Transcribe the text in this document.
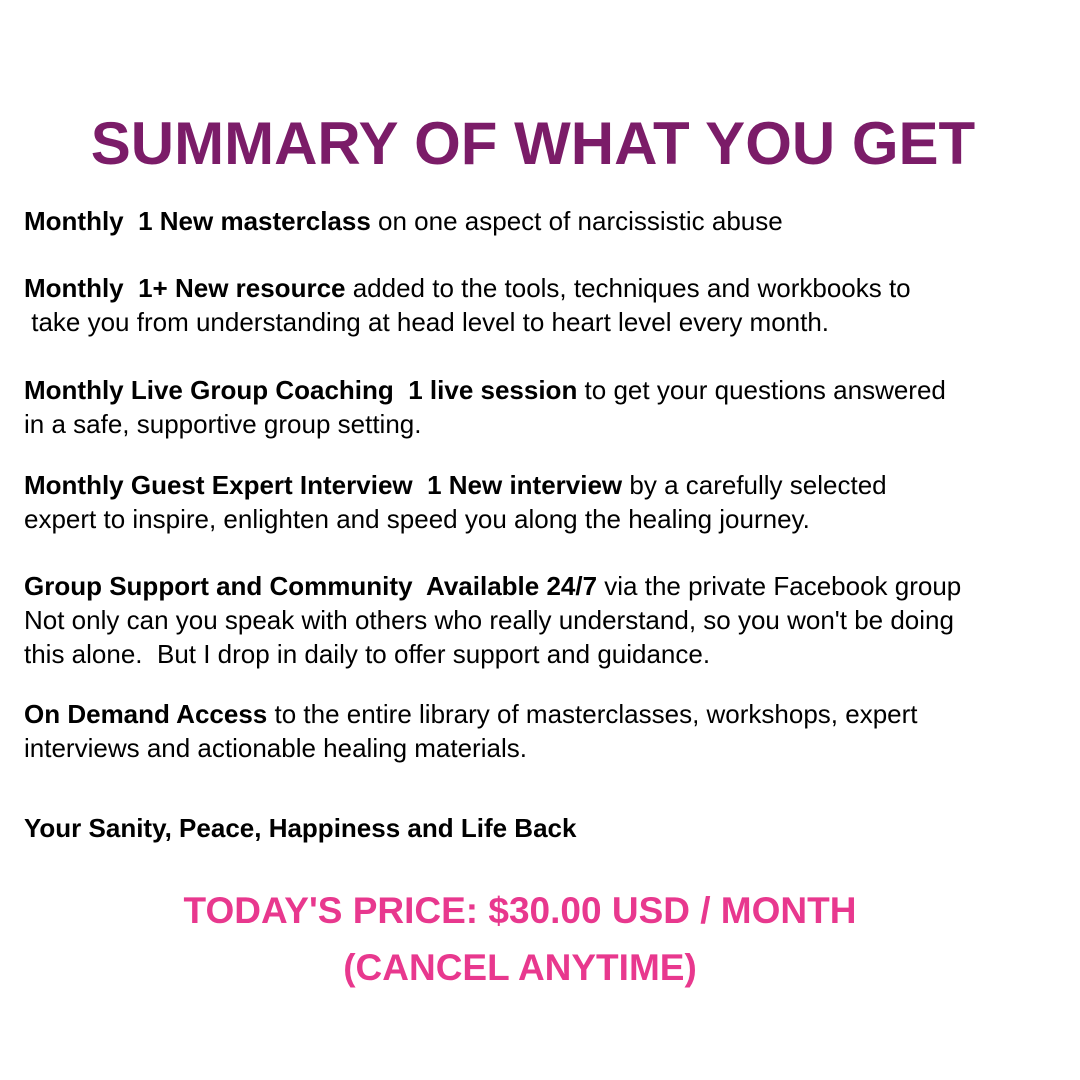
SUMMARY OF WHAT YOU GET
Monthly  1 New masterclass on one aspect of narcissistic abuse
Monthly  1+ New resource added to the tools, techniques and workbooks to
take you from understanding at head level to heart level every month.
Monthly Live Group Coaching  1 live session to get your questions answered
in a safe, supportive group setting.
Monthly Guest Expert Interview  1 New interview by a carefully selected
expert to inspire, enlighten and speed you along the healing journey.
Group Support and Community  Available 24/7 via the private Facebook group
Not only can you speak with others who really understand, so you won't be doing
this alone.  But I drop in daily to offer support and guidance.
On Demand Access to the entire library of masterclasses, workshops, expert
interviews and actionable healing materials.
Your Sanity, Peace, Happiness and Life Back
TODAY'S PRICE: $30.00 USD / MONTH
(CANCEL ANYTIME)
